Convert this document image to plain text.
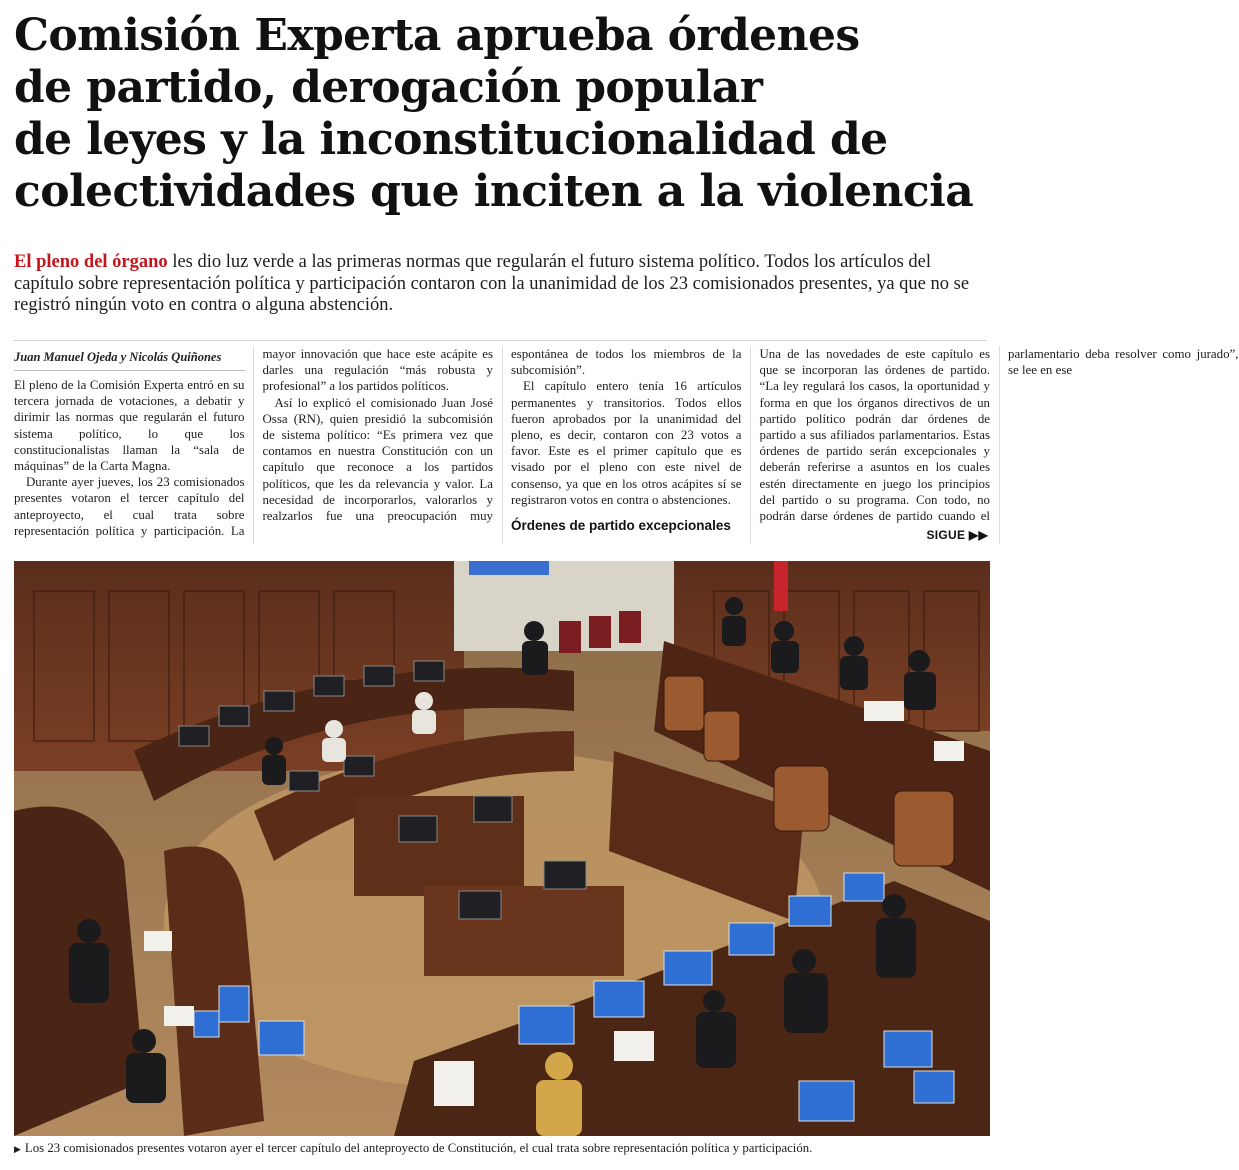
Comisión Experta aprueba órdenes
de partido, derogación popular
de leyes y la inconstitucionalidad de
colectividades que inciten a la violencia

El pleno del órgano les dio luz verde a las primeras normas que regularán el futuro sistema político. Todos los artículos del capítulo sobre representación política y participación contaron con la unanimidad de los 23 comisionados presentes, ya que no se registró ningún voto en contra o alguna abstención.

Juan Manuel Ojeda y Nicolás Quiñones

El pleno de la Comisión Experta entró en su tercera jornada de votaciones, a debatir y dirimir las normas que regularán el futuro sistema político, lo que los constitucionalistas llaman la “sala de máquinas” de la Carta Magna.

Durante ayer jueves, los 23 comisionados presentes votaron el tercer capítulo del anteproyecto, el cual trata sobre representación política y participación. La mayor innovación que hace este acápite es darles una regulación “más robusta y profesional” a los partidos políticos.

Así lo explicó el comisionado Juan José Ossa (RN), quien presidió la subcomisión de sistema político: “Es primera vez que contamos en nuestra Constitución con un capítulo que reconoce a los partidos políticos, que les da relevancia y valor. La necesidad de incorporarlos, valorarlos y realzarlos fue una preocupación muy espontánea de todos los miembros de la subcomisión”.

El capítulo entero tenía 16 artículos permanentes y transitorios. Todos ellos fueron aprobados por la unanimidad del pleno, es decir, contaron con 23 votos a favor. Este es el primer capítulo que es visado por el pleno con este nivel de consenso, ya que en los otros acápites sí se registraron votos en contra o abstenciones.

Órdenes de partido excepcionales

Una de las novedades de este capítulo es que se incorporan las órdenes de partido. “La ley regulará los casos, la oportunidad y forma en que los órganos directivos de un partido político podrán dar órdenes de partido a sus afiliados parlamentarios. Estas órdenes de partido serán excepcionales y deberán referirse a asuntos en los cuales estén directamente en juego los principios del partido o su programa. Con todo, no podrán darse órdenes de partido cuando el parlamentario deba resolver como jurado”, se lee en ese

SIGUE ▶▶

▶ Los 23 comisionados presentes votaron ayer el tercer capítulo del anteproyecto de Constitución, el cual trata sobre representación política y participación.
